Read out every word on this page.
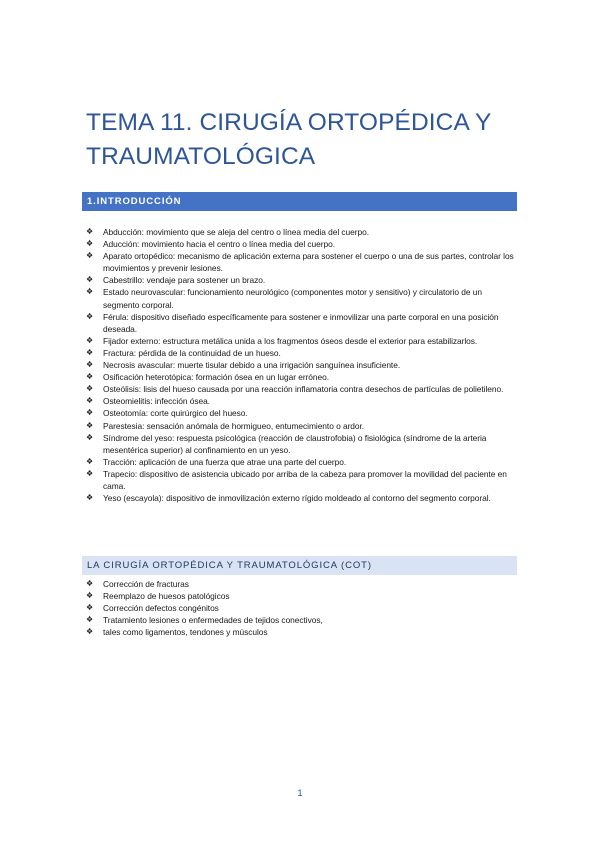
TEMA 11. CIRUGÍA ORTOPÉDICA Y TRAUMATOLÓGICA
1.INTRODUCCIÓN
❖ Abducción: movimiento que se aleja del centro o línea media del cuerpo.
❖ Aducción: movimiento hacia el centro o línea media del cuerpo.
❖ Aparato ortopédico: mecanismo de aplicación externa para sostener el cuerpo o una de sus partes, controlar los movimientos y prevenir lesiones.
❖ Cabestrillo: vendaje para sostener un brazo.
❖ Estado neurovascular: funcionamiento neurológico (componentes motor y sensitivo) y circulatorio de un segmento corporal.
❖ Férula: dispositivo diseñado específicamente para sostener e inmovilizar una parte corporal en una posición deseada.
❖ Fijador externo: estructura metálica unida a los fragmentos óseos desde el exterior para estabilizarlos.
❖ Fractura: pérdida de la continuidad de un hueso.
❖ Necrosis avascular: muerte tisular debido a una irrigación sanguínea insuficiente.
❖ Osificación heterotópica: formación ósea en un lugar erróneo.
❖ Osteólisis: lisis del hueso causada por una reacción inflamatoria contra desechos de partículas de polietileno.
❖ Osteomielitis: infección ósea.
❖ Osteotomía: corte quirúrgico del hueso.
❖ Parestesia: sensación anómala de hormigueo, entumecimiento o ardor.
❖ Síndrome del yeso: respuesta psicológica (reacción de claustrofobia) o fisiológica (síndrome de la arteria mesentérica superior) al confinamiento en un yeso.
❖ Tracción: aplicación de una fuerza que atrae una parte del cuerpo.
❖ Trapecio: dispositivo de asistencia ubicado por arriba de la cabeza para promover la movilidad del paciente en cama.
❖ Yeso (escayola): dispositivo de inmovilización externo rígido moldeado al contorno del segmento corporal.
LA CIRUGÍA ORTOPÉDICA Y TRAUMATOLÓGICA (COT)
❖ Corrección de fracturas
❖ Reemplazo de huesos patológicos
❖ Corrección defectos congénitos
❖ Tratamiento lesiones o enfermedades de tejidos conectivos,
❖ tales como ligamentos, tendones y músculos
1
